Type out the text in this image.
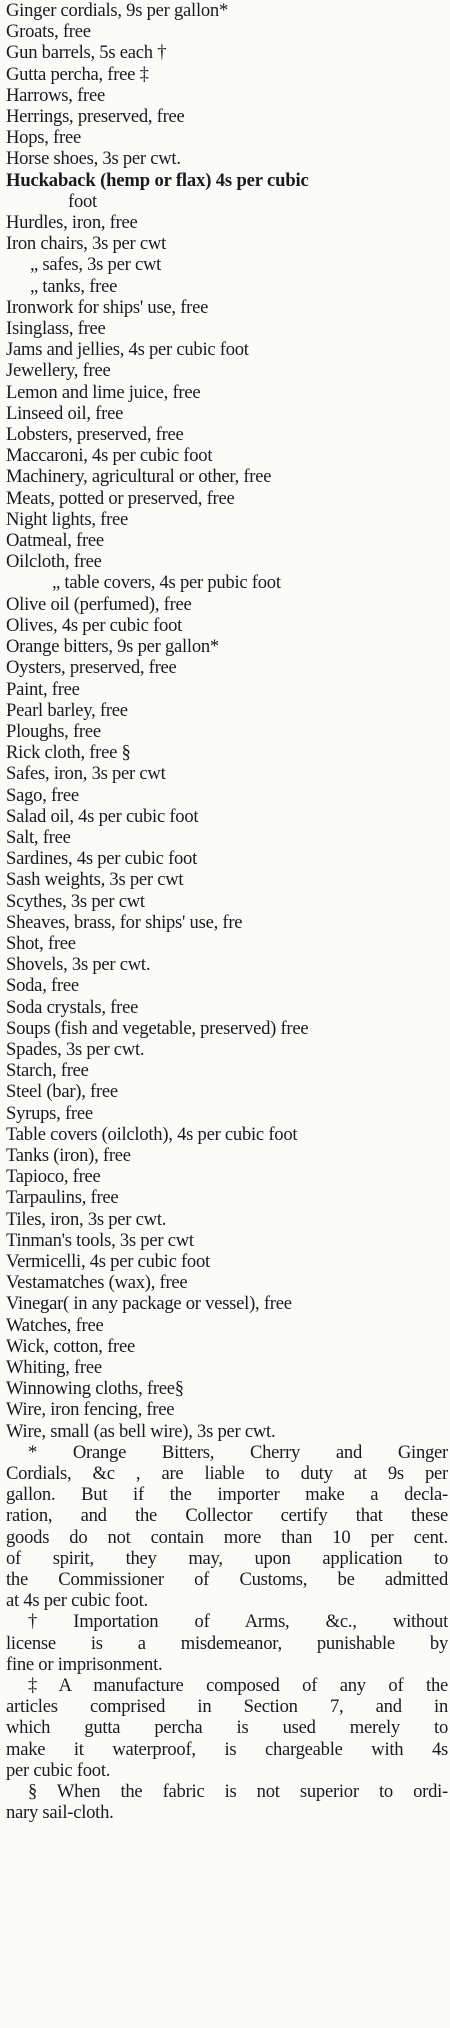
Ginger cordials, 9s per gallon*
Groats, free
Gun barrels, 5s each †
Gutta percha, free ‡
Harrows, free
Herrings, preserved, free
Hops, free
Horse shoes, 3s per cwt.
Huckaback (hemp or flax) 4s per cubic
foot
Hurdles, iron, free
Iron chairs, 3s per cwt
„ safes, 3s per cwt
„ tanks, free
Ironwork for ships' use, free
Isinglass, free
Jams and jellies, 4s per cubic foot
Jewellery, free
Lemon and lime juice, free
Linseed oil, free
Lobsters, preserved, free
Maccaroni, 4s per cubic foot
Machinery, agricultural or other, free
Meats, potted or preserved, free
Night lights, free
Oatmeal, free
Oilcloth, free
„ table covers, 4s per pubic foot
Olive oil (perfumed), free
Olives, 4s per cubic foot
Orange bitters, 9s per gallon*
Oysters, preserved, free
Paint, free
Pearl barley, free
Ploughs, free
Rick cloth, free §
Safes, iron, 3s per cwt
Sago, free
Salad oil, 4s per cubic foot
Salt, free
Sardines, 4s per cubic foot
Sash weights, 3s per cwt
Scythes, 3s per cwt
Sheaves, brass, for ships' use, fre
Shot, free
Shovels, 3s per cwt.
Soda, free
Soda crystals, free
Soups (fish and vegetable, preserved) free
Spades, 3s per cwt.
Starch, free
Steel (bar), free
Syrups, free
Table covers (oilcloth), 4s per cubic foot
Tanks (iron), free
Tapioco, free
Tarpaulins, free
Tiles, iron, 3s per cwt.
Tinman's tools, 3s per cwt
Vermicelli, 4s per cubic foot
Vestamatches (wax), free
Vinegar( in any package or vessel), free
Watches, free
Wick, cotton, free
Whiting, free
Winnowing cloths, free§
Wire, iron fencing, free
Wire, small (as bell wire), 3s per cwt.

* Orange Bitters, Cherry and Ginger

Cordials, &c , are liable to duty at 9s per

gallon. But if the importer make a decla-

ration, and the Collector certify that these

goods do not contain more than 10 per cent.

of spirit, they may, upon application to

the Commissioner of Customs, be admitted

at 4s per cubic foot.

† Importation of Arms, &c., without

license is a misdemeanor, punishable by

fine or imprisonment.

‡ A manufacture composed of any of the

articles comprised in Section 7, and in

which gutta percha is used merely to

make it waterproof, is chargeable with 4s

per cubic foot.

§ When the fabric is not superior to ordi-

nary sail-cloth.
